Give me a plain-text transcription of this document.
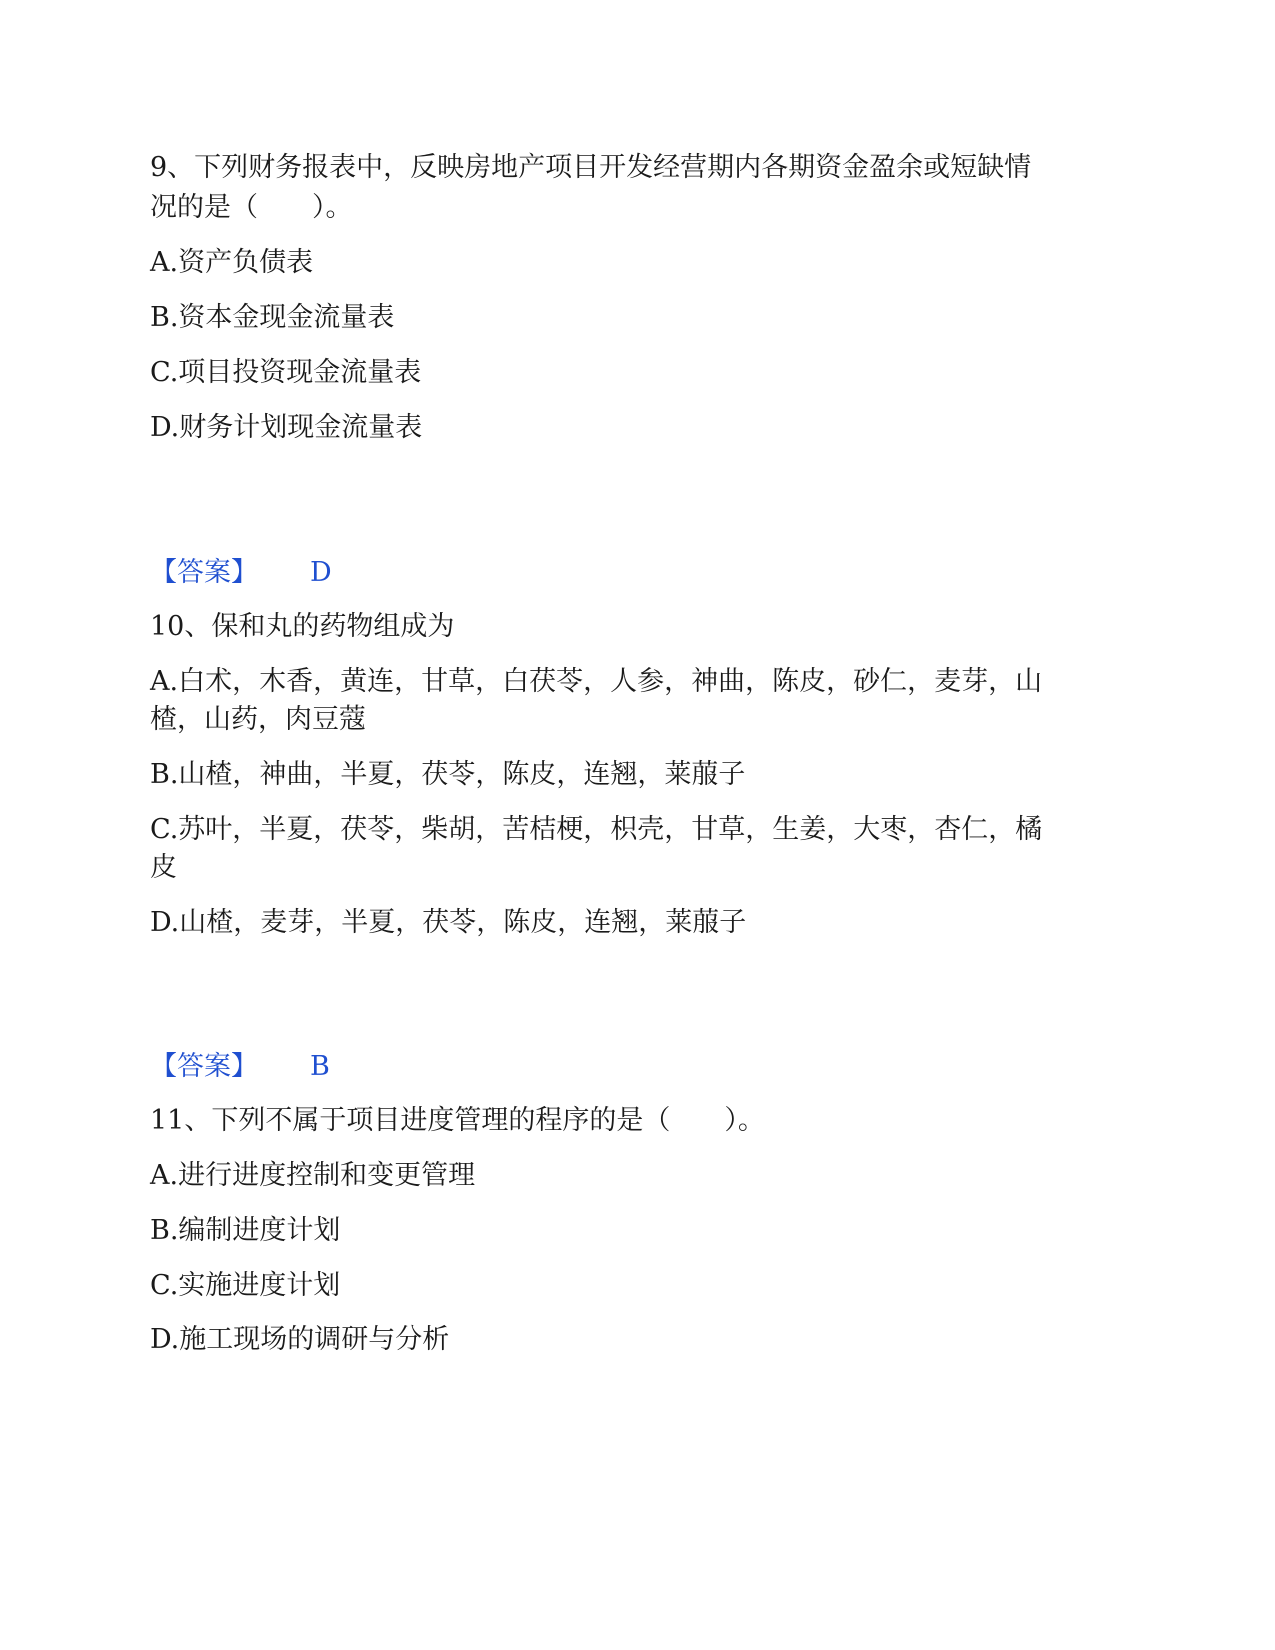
9、下列财务报表中，反映房地产项目开发经营期内各期资金盈余或短缺情
况的是（　　）。
A.资产负债表
B.资本金现金流量表
C.项目投资现金流量表
D.财务计划现金流量表
【答案】 D
10、保和丸的药物组成为
A.白术，木香，黄连，甘草，白茯苓，人参，神曲，陈皮，砂仁，麦芽，山
楂，山药，肉豆蔻
B.山楂，神曲，半夏，茯苓，陈皮，连翘，莱菔子
C.苏叶，半夏，茯苓，柴胡，苦桔梗，枳壳，甘草，生姜，大枣，杏仁，橘
皮
D.山楂，麦芽，半夏，茯苓，陈皮，连翘，莱菔子
【答案】 B
11、下列不属于项目进度管理的程序的是（　　）。
A.进行进度控制和变更管理
B.编制进度计划
C.实施进度计划
D.施工现场的调研与分析
